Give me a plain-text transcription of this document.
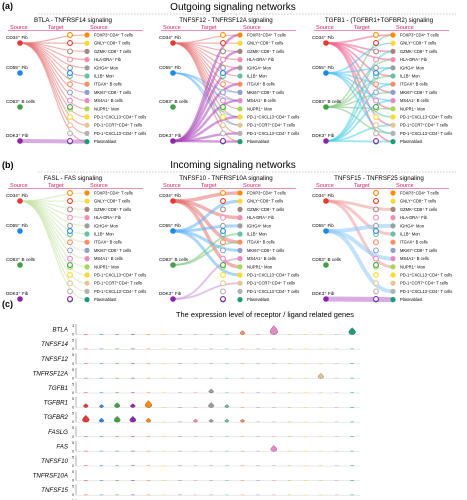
(a)
(b)
(c)
Outgoing signaling networks
Incoming signaling networks
BTLA - TNFRSF14 signaling
Source	Target	Source
CD34⁺ Fib
CD55⁺ Fib
CD83⁺ B cells
DDK3⁺ Fib
FOXP3⁺CD4⁺ T cells
GNLY⁺CD8⁺ T cells
GZMK⁺CD8⁺ T cells
HLA-DRA⁺ Fib
IGHG4⁺ Mon
IL1B⁺ Mon
ITGAX⁺ B cells
MKI67⁺CD8⁺ T cells
MS4A1⁺ B cells
NUPR1⁺ Mon
PD-1⁺CXCL13⁺CD4⁺ T cells
PD-1⁺CCR7⁺CD4⁺ T cells
PD-1⁺CXCL13⁺CD4⁺ T cells
Plasmablast
TNFSF12 - TNFRSF12A signaling
Source	Target	Source
CD34⁺ Fib
CD55⁺ Fib
CD83⁺ B cells
DDK3⁺ Fib
FOXP3⁺CD4⁺ T cells
GNLY⁺CD8⁺ T cells
GZMK⁺CD8⁺ T cells
HLA-DRA⁺ Fib
IGHG4⁺ Mon
IL1B⁺ Mon
ITGAX⁺ B cells
MKI67⁺CD8⁺ T cells
MS4A1⁺ B cells
NUPR1⁺ Mon
PD-1⁺CXCL13⁺CD4⁺ T cells
PD-1⁺CCR7⁺CD4⁺ T cells
PD-1⁺CXCL13⁺CD4⁺ T cells
Plasmablast
TGFB1 - (TGFBR1+TGFBR2) signaling
Source	Target	Source
CD34⁺ Fib
CD55⁺ Fib
CD83⁺ B cells
DDK3⁺ Fib
FOXP3⁺CD4⁺ T cells
GNLY⁺CD8⁺ T cells
GZMK⁺CD8⁺ T cells
HLA-DRA⁺ Fib
IGHG4⁺ Mon
IL1B⁺ Mon
ITGAX⁺ B cells
MKI67⁺CD8⁺ T cells
MS4A1⁺ B cells
NUPR1⁺ Mon
PD-1⁺CXCL13⁺CD4⁺ T cells
PD-1⁺CCR7⁺CD4⁺ T cells
PD-1⁺CXCL13⁺CD4⁺ T cells
Plasmablast
FASL - FAS signaling
Source	Target	Source
CD34⁺ Fib
CD55⁺ Fib
CD83⁺ B cells
DDK3⁺ Fib
FOXP3⁺CD4⁺ T cells
GNLY⁺CD8⁺ T cells
GZMK⁺CD8⁺ T cells
HLA-DRA⁺ Fib
IGHG4⁺ Mon
IL1B⁺ Mon
ITGAX⁺ B cells
MKI67⁺CD8⁺ T cells
MS4A1⁺ B cells
NUPR1⁺ Mon
PD-1⁺CXCL13⁺CD4⁺ T cells
PD-1⁺CCR7⁺CD4⁺ T cells
PD-1⁺CXCL13⁺CD4⁺ T cells
Plasmablast
TNFSF10 - TNFRSF10A signaling
Source	Target	Source
CD34⁺ Fib
CD55⁺ Fib
CD83⁺ B cells
DDK3⁺ Fib
FOXP3⁺CD4⁺ T cells
GNLY⁺CD8⁺ T cells
GZMK⁺CD8⁺ T cells
HLA-DRA⁺ Fib
IGHG4⁺ Mon
IL1B⁺ Mon
ITGAX⁺ B cells
MKI67⁺CD8⁺ T cells
MS4A1⁺ B cells
NUPR1⁺ Mon
PD-1⁺CXCL13⁺CD4⁺ T cells
PD-1⁺CCR7⁺CD4⁺ T cells
PD-1⁺CXCL13⁺CD4⁺ T cells
Plasmablast
TNFSF15 - TNFRSF25 signaling
Source	Target	Source
CD34⁺ Fib
CD55⁺ Fib
CD83⁺ B cells
DDK3⁺ Fib
FOXP3⁺CD4⁺ T cells
GNLY⁺CD8⁺ T cells
GZMK⁺CD8⁺ T cells
HLA-DRA⁺ Fib
IGHG4⁺ Mon
IL1B⁺ Mon
ITGAX⁺ B cells
MKI67⁺CD8⁺ T cells
MS4A1⁺ B cells
NUPR1⁺ Mon
PD-1⁺CXCL13⁺CD4⁺ T cells
PD-1⁺CCR7⁺CD4⁺ T cells
PD-1⁺CXCL13⁺CD4⁺ T cells
Plasmablast
The expression level of receptor / ligand related genes
BTLA
3
0
TNFSF14
5
0
TNFSF12
5
0
TNFRSF12A
5
0
TGFB1
5
0
TGFBR1
5
0
TGFBR2
5
0
FASLG
5
0
FAS
5
0
TNFSF10
5
0
TNFRSF10A
5
0
TNFSF15
5
0
